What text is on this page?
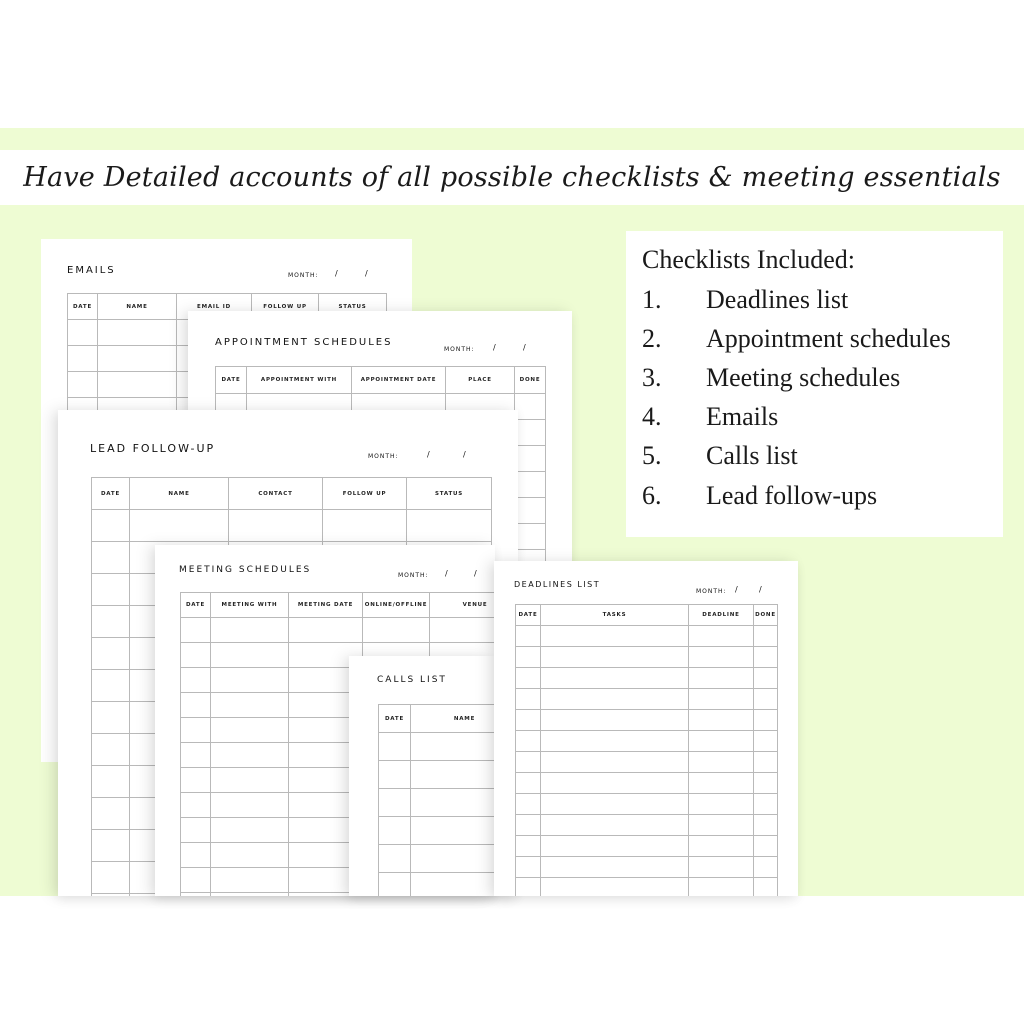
Have Detailed accounts of all possible checklists & meeting essentials
EMAILS	MONTH: /	/
DATE	NAME	EMAIL ID	FOLLOW UP	STATUS

APPOINTMENT SCHEDULES
MONTH: /	/
DATE	APPOINTMENT WITH	APPOINTMENT DATE	PLACE	DONE

LEAD FOLLOW-UP
MONTH:	/	/
DATE	NAME	CONTACT	FOLLOW UP	STATUS

MEETING SCHEDULES
MONTH: /	/
DATE	MEETING WITH	MEETING DATE	ONLINE/OFFLINE	VENUE

CALLS LIST
DATE	NAME

DEADLINES LIST
MONTH: /	/
DATE	TASKS	DEADLINE	DONE

Checklists Included:
1. Deadlines list
2. Appointment schedules
3. Meeting schedules
4. Emails
5. Calls list
6. Lead follow-ups
